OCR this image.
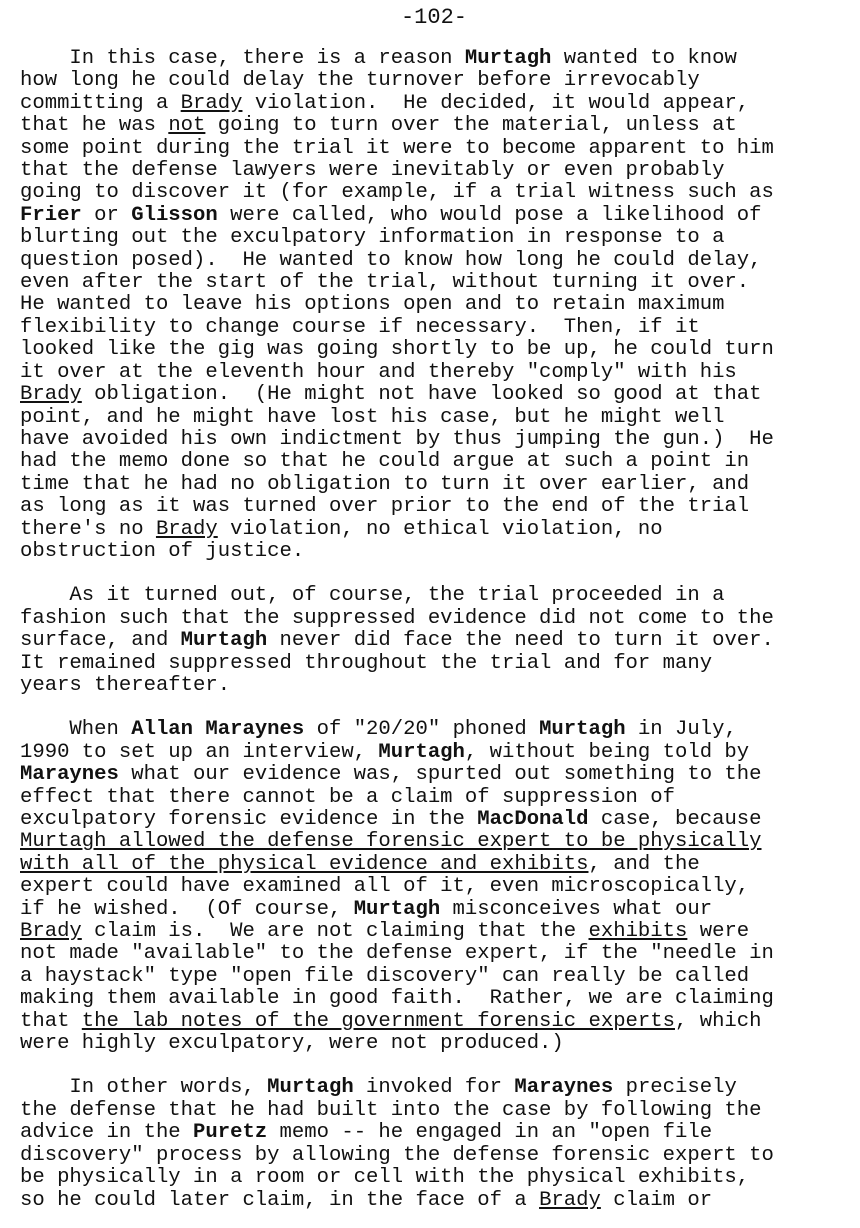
-102-
In this case, there is a reason Murtagh wanted to know
how long he could delay the turnover before irrevocably
committing a Brady violation.  He decided, it would appear,
that he was not going to turn over the material, unless at
some point during the trial it were to become apparent to him
that the defense lawyers were inevitably or even probably
going to discover it (for example, if a trial witness such as
Frier or Glisson were called, who would pose a likelihood of
blurting out the exculpatory information in response to a
question posed).  He wanted to know how long he could delay,
even after the start of the trial, without turning it over.
He wanted to leave his options open and to retain maximum
flexibility to change course if necessary.  Then, if it
looked like the gig was going shortly to be up, he could turn
it over at the eleventh hour and thereby "comply" with his
Brady obligation.  (He might not have looked so good at that
point, and he might have lost his case, but he might well
have avoided his own indictment by thus jumping the gun.)  He
had the memo done so that he could argue at such a point in
time that he had no obligation to turn it over earlier, and
as long as it was turned over prior to the end of the trial
there's no Brady violation, no ethical violation, no
obstruction of justice.
As it turned out, of course, the trial proceeded in a
fashion such that the suppressed evidence did not come to the
surface, and Murtagh never did face the need to turn it over.
It remained suppressed throughout the trial and for many
years thereafter.
When Allan Maraynes of "20/20" phoned Murtagh in July,
1990 to set up an interview, Murtagh, without being told by
Maraynes what our evidence was, spurted out something to the
effect that there cannot be a claim of suppression of
exculpatory forensic evidence in the MacDonald case, because
Murtagh allowed the defense forensic expert to be physically
with all of the physical evidence and exhibits, and the
expert could have examined all of it, even microscopically,
if he wished.  (Of course, Murtagh misconceives what our
Brady claim is.  We are not claiming that the exhibits were
not made "available" to the defense expert, if the "needle in
a haystack" type "open file discovery" can really be called
making them available in good faith.  Rather, we are claiming
that the lab notes of the government forensic experts, which
were highly exculpatory, were not produced.)
In other words, Murtagh invoked for Maraynes precisely
the defense that he had built into the case by following the
advice in the Puretz memo -- he engaged in an "open file
discovery" process by allowing the defense forensic expert to
be physically in a room or cell with the physical exhibits,
so he could later claim, in the face of a Brady claim or
